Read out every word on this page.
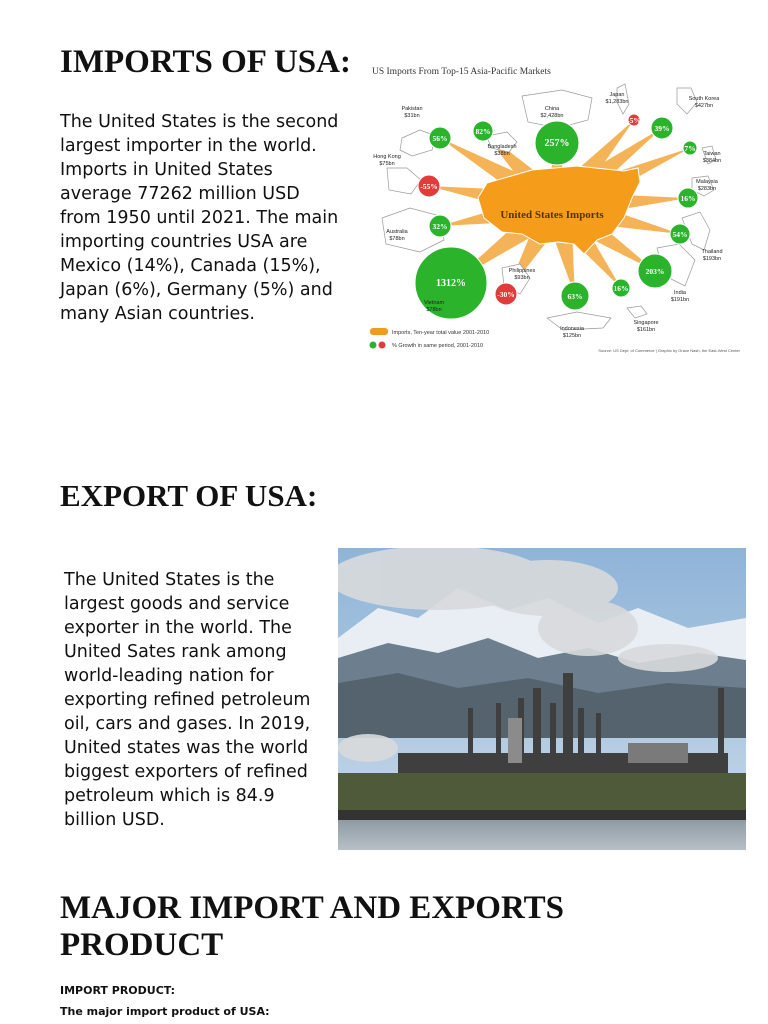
IMPORTS OF USA:

The United States is the second largest importer in the world. Imports in United States average 77262 million USD from 1950 until 2021. The main importing countries USA are Mexico (14%), Canada (15%), Japan (6%), Germany (5%) and many Asian countries.

US Imports From Top-15 Asia-Pacific Markets
United States Imports
56%	257%
-5%
39%
-55%
82%
7%
16%
32%
54%
1312%
-30%	63%
203%
16%
Pakistan
$31bn
China
$2,428bn
Japan
$1,283bn	South Korea
$427bn
Hong Kong
$75bn
Bangladesh
$38bn	Taiwan
$384bn
Malaysia
$283bn
Australia
$78bn
Thailand
$193bn
Vietnam
$78bn
Philippines
$93bn
Indonesia
$125bn
India
$191bn
Singapore
$161bn
Imports, Ten-year total value 2001-2010
% Growth in same period, 2001-2010
Source: US Dept. of Commerce | Graphic by Grace Nash, the East-West Center
EXPORT OF USA:

The United States is the largest goods and service exporter in the world. The United Sates rank among world-leading nation for exporting refined petroleum oil, cars and gases. In 2019, United states was the world biggest exporters of refined petroleum which is 84.9 billion USD.

MAJOR IMPORT AND EXPORTS PRODUCT

IMPORT PRODUCT:

The major import product of USA:
